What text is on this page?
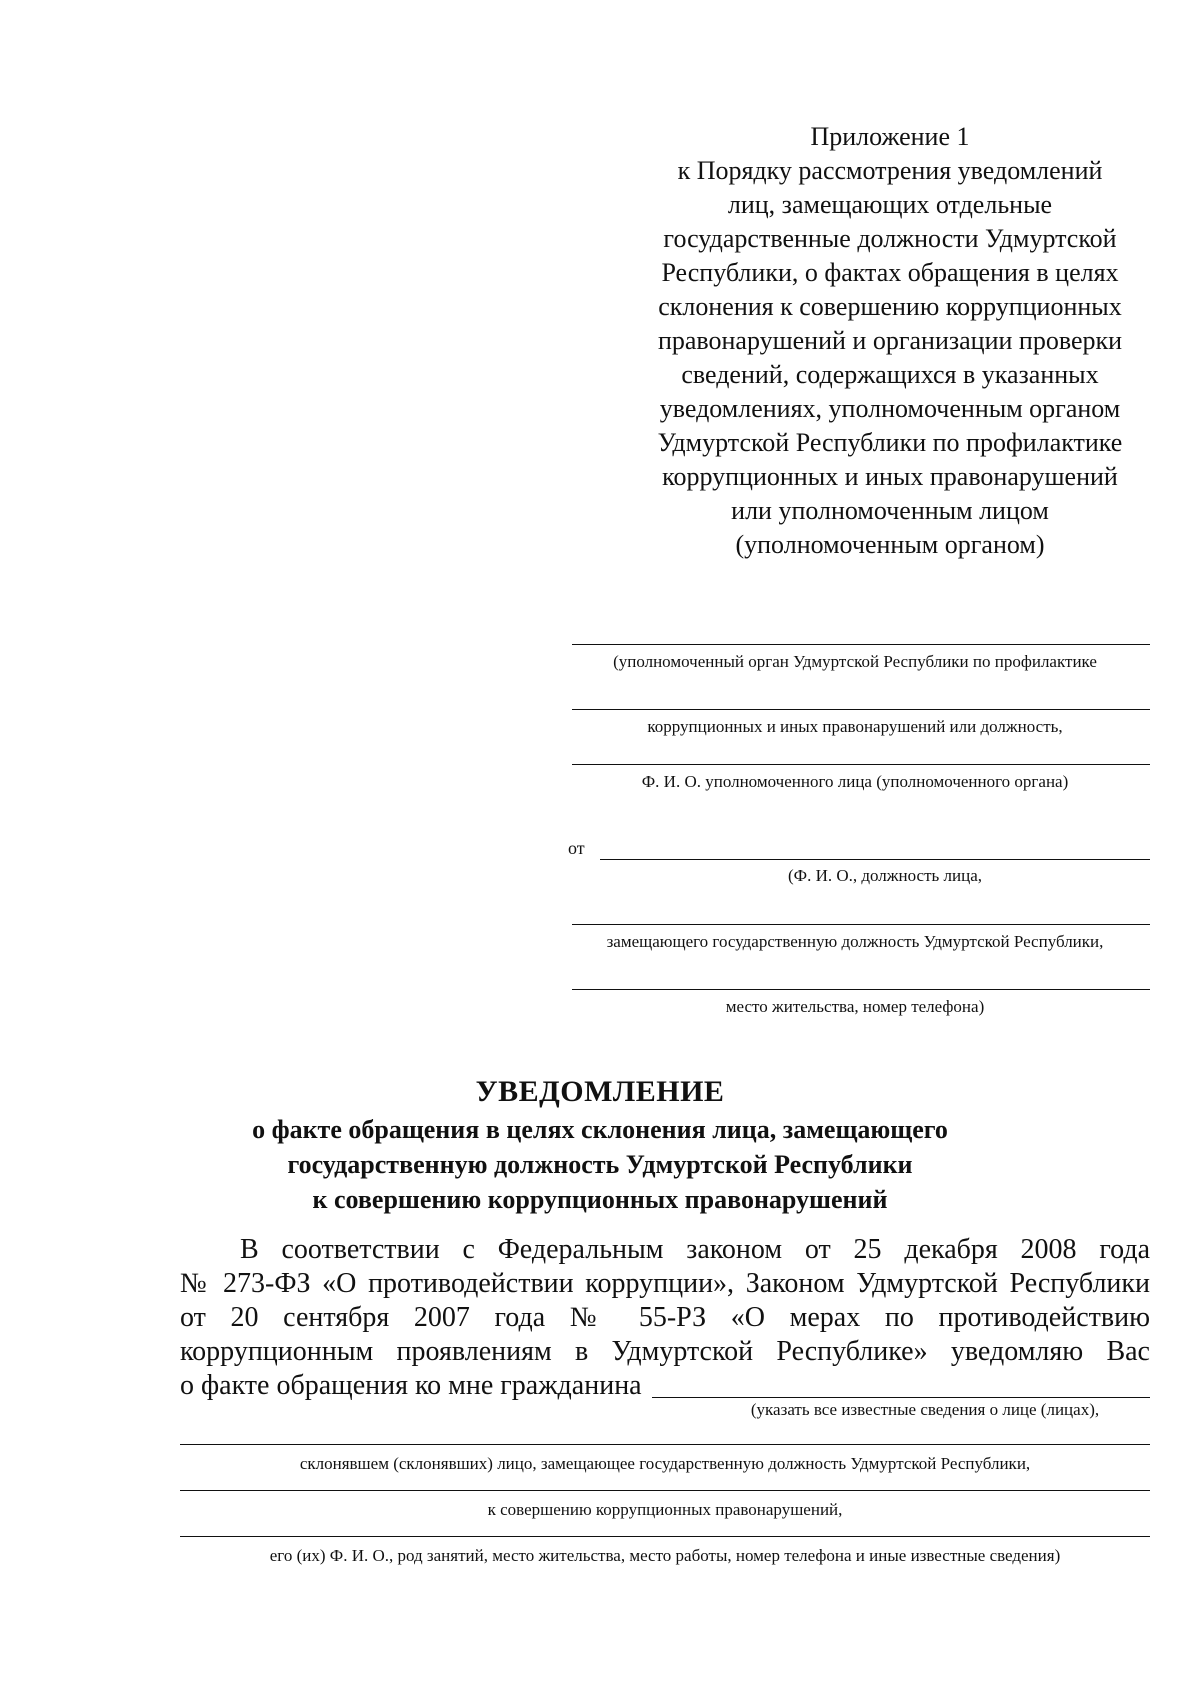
Приложение 1
к Порядку рассмотрения уведомлений
лиц, замещающих отдельные
государственные должности Удмуртской
Республики, о фактах обращения в целях
склонения к совершению коррупционных
правонарушений и организации проверки
сведений, содержащихся в указанных
уведомлениях, уполномоченным органом
Удмуртской Республики по профилактике
коррупционных и иных правонарушений
или уполномоченным лицом
(уполномоченным органом)
(уполномоченный орган Удмуртской Республики по профилактике
коррупционных и иных правонарушений или должность,
Ф. И. О. уполномоченного лица (уполномоченного органа)
от
(Ф. И. О., должность лица,
замещающего государственную должность Удмуртской Республики,
место жительства, номер телефона)
УВЕДОМЛЕНИЕ
о факте обращения в целях склонения лица, замещающего
государственную должность Удмуртской Республики
к совершению коррупционных правонарушений
В соответствии с Федеральным законом от 25 декабря 2008 года
№ 273-ФЗ «О противодействии коррупции», Законом Удмуртской Республики
от 20 сентября 2007 года № 55-РЗ «О мерах по противодействию
коррупционным проявлениям в Удмуртской Республике» уведомляю Вас
о факте обращения ко мне гражданина
(указать все известные сведения о лице (лицах),
склонявшем (склонявших) лицо, замещающее государственную должность Удмуртской Республики,
к совершению коррупционных правонарушений,
его (их) Ф. И. О., род занятий, место жительства, место работы, номер телефона и иные известные сведения)
